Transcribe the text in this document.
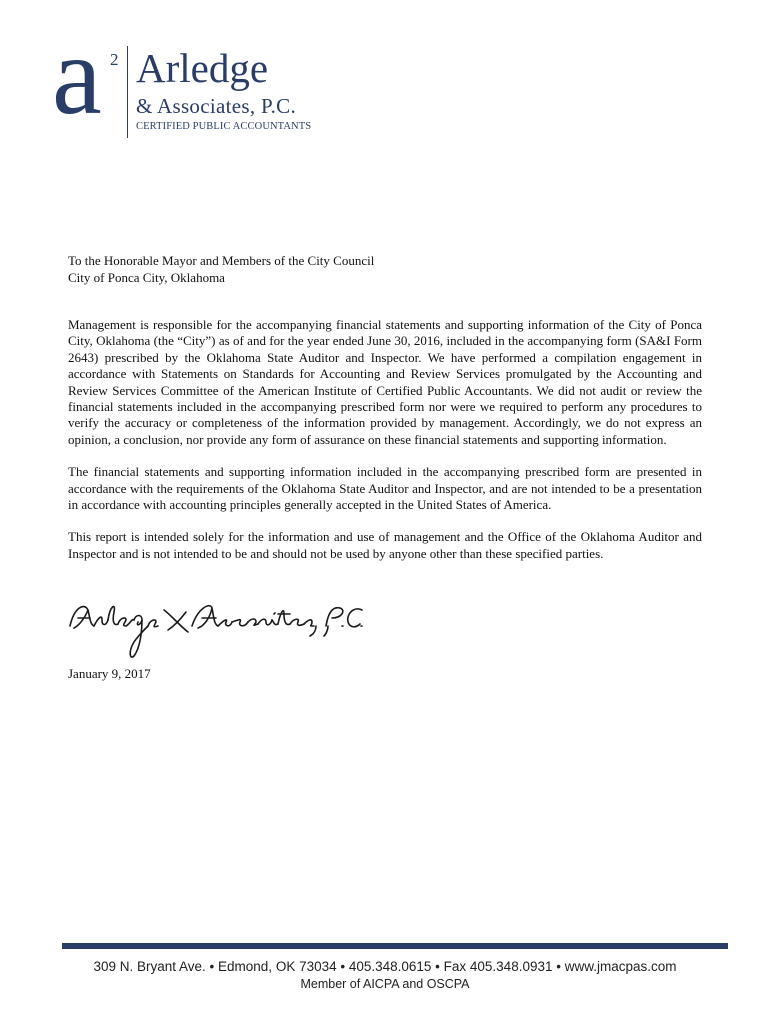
a 2 Arledge
& Associates, P.C.
CERTIFIED PUBLIC ACCOUNTANTS
To the Honorable Mayor and Members of the City Council
City of Ponca City, Oklahoma

Management is responsible for the accompanying financial statements and supporting information of the City of Ponca City, Oklahoma (the “City”) as of and for the year ended June 30, 2016, included in the accompanying form (SA&I Form 2643) prescribed by the Oklahoma State Auditor and Inspector. We have performed a compilation engagement in accordance with Statements on Standards for Accounting and Review Services promulgated by the Accounting and Review Services Committee of the American Institute of Certified Public Accountants. We did not audit or review the financial statements included in the accompanying prescribed form nor were we required to perform any procedures to verify the accuracy or completeness of the information provided by management. Accordingly, we do not express an opinion, a conclusion, nor provide any form of assurance on these financial statements and supporting information.

The financial statements and supporting information included in the accompanying prescribed form are presented in accordance with the requirements of the Oklahoma State Auditor and Inspector, and are not intended to be a presentation in accordance with accounting principles generally accepted in the United States of America.

This report is intended solely for the information and use of management and the Office of the Oklahoma Auditor and Inspector and is not intended to be and should not be used by anyone other than these specified parties.

January 9, 2017
309 N. Bryant Ave. • Edmond, OK 73034 • 405.348.0615 • Fax 405.348.0931 • www.jmacpas.com
Member of AICPA and OSCPA
